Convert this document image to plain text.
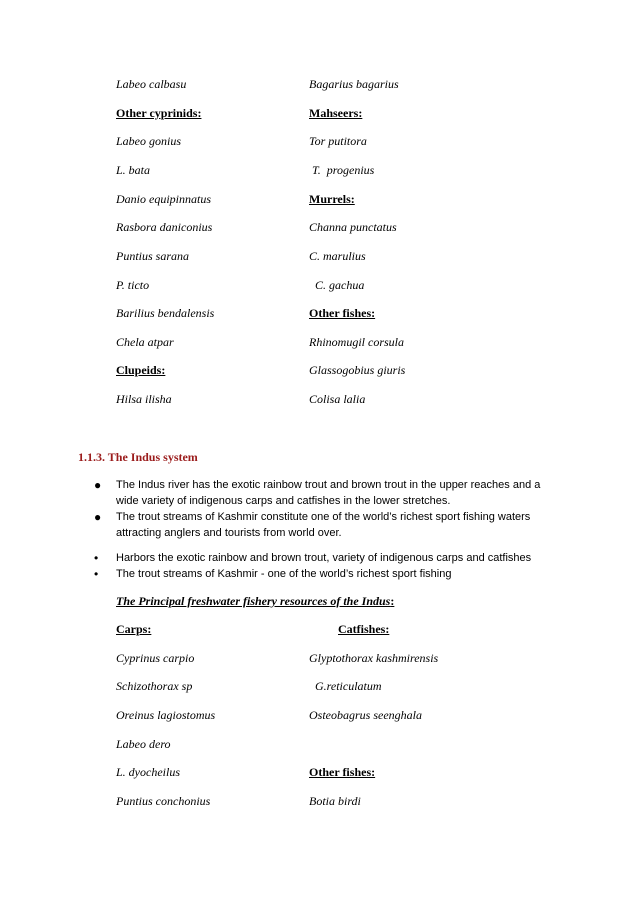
Labeo calbasu	Bagarius bagarius
Other cyprinids:	Mahseers:
Labeo gonius	Tor putitora
L. bata	T.  progenius
Danio equipinnatus	Murrels:
Rasbora daniconius	Channa punctatus
Puntius sarana	C. marulius
P. ticto	C. gachua
Barilius bendalensis	Other fishes:
Chela atpar	Rhinomugil corsula
Clupeids:	Glassogobius giuris
Hilsa ilisha	Colisa lalia
1.1.3. The Indus system
● The Indus river has the exotic rainbow trout and brown trout in the upper reaches and a wide variety of indigenous carps and catfishes in the lower stretches.
● The trout streams of Kashmir constitute one of the world’s richest sport fishing waters attracting anglers and tourists from world over.
• Harbors the exotic rainbow and brown trout, variety of indigenous carps and catfishes
• The trout streams of Kashmir - one of the world’s richest sport fishing
The Principal freshwater fishery resources of the Indus:
Carps:	Catfishes:
Cyprinus carpio	Glyptothorax kashmirensis
Schizothorax sp	G.reticulatum
Oreinus lagiostomus	Osteobagrus seenghala
Labeo dero
L. dyocheilus	Other fishes:
Puntius conchonius	Botia birdi
